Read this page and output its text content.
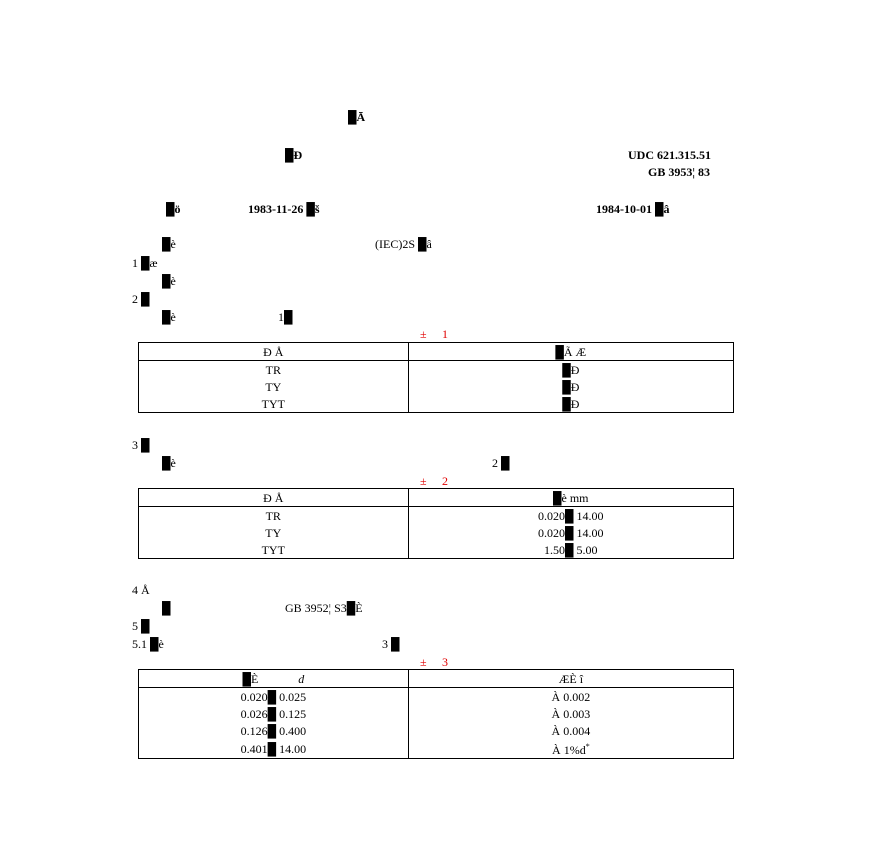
█Ā
█Ð	UDC 621.315.51
GB 3953¦ 83
█ö	1983-11-26 █š	1984-10-01 █â
█è	(IEC)2S █â
1 █æ
█è
2 █
█è	1█
± 1
Ð Å	█Ã Æ
TR	█Ð
TY	█Ð
TYT	█Ð
3 █
█è	2 █
± 2
Ð Å	█è mm
TR	0.020█ 14.00
TY	0.020█ 14.00
TYT	1.50█ 5.00
4 Å
█	GB 3952¦ S3█È
5 █
5.1 █è	3 █
± 3
█È d	ÆÈ î
0.020█ 0.025	À 0.002
0.026█ 0.125	À 0.003
0.126█ 0.400	À 0.004
0.401█ 14.00	À 1%d*
